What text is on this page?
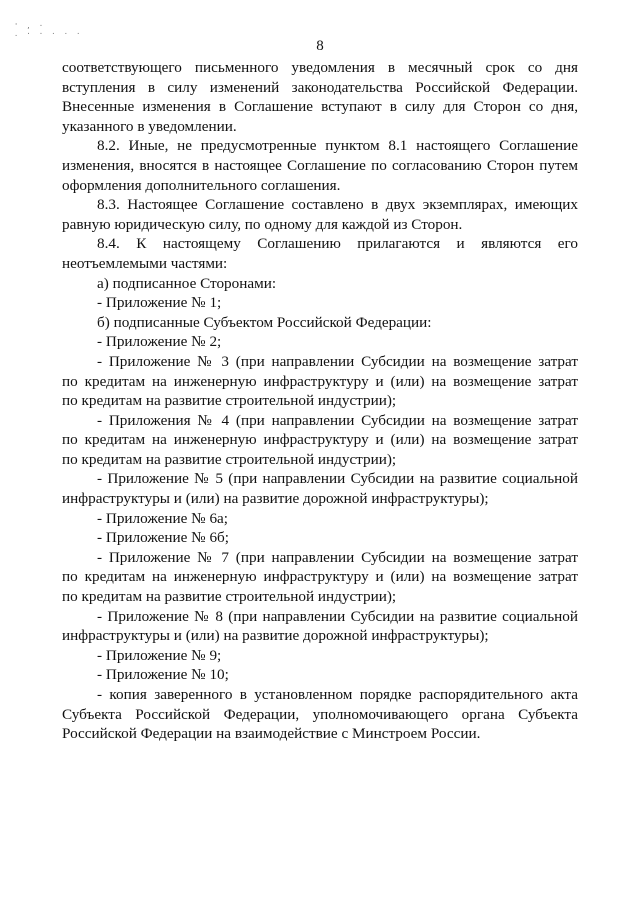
' , ·
. · · · · ·
8

соответствующего письменного уведомления в месячный срок со дня

вступления в силу изменений законодательства Российской Федерации.

Внесенные изменения в Соглашение вступают в силу для Сторон со дня,

указанного в уведомлении.

8.2. Иные, не предусмотренные пунктом 8.1 настоящего Соглашение

изменения, вносятся в настоящее Соглашение по согласованию Сторон путем

оформления дополнительного соглашения.

8.3. Настоящее Соглашение составлено в двух экземплярах, имеющих

равную юридическую силу, по одному для каждой из Сторон.

8.4. К настоящему Соглашению прилагаются и являются его

неотъемлемыми частями:

а) подписанное Сторонами:

- Приложение № 1;

б) подписанные Субъектом Российской Федерации:

- Приложение № 2;

- Приложение № 3 (при направлении Субсидии на возмещение затрат

по кредитам на инженерную инфраструктуру и (или) на возмещение затрат

по кредитам на развитие строительной индустрии);

- Приложения № 4 (при направлении Субсидии на возмещение затрат

по кредитам на инженерную инфраструктуру и (или) на возмещение затрат

по кредитам на развитие строительной индустрии);

- Приложение № 5 (при направлении Субсидии на развитие социальной

инфраструктуры и (или) на развитие дорожной инфраструктуры);

- Приложение № 6а;

- Приложение № 6б;

- Приложение № 7 (при направлении Субсидии на возмещение затрат

по кредитам на инженерную инфраструктуру и (или) на возмещение затрат

по кредитам на развитие строительной индустрии);

- Приложение № 8 (при направлении Субсидии на развитие социальной

инфраструктуры и (или) на развитие дорожной инфраструктуры);

- Приложение № 9;

- Приложение № 10;

- копия заверенного в установленном порядке распорядительного акта

Субъекта Российской Федерации, уполномочивающего органа Субъекта

Российской Федерации на взаимодействие с Минстроем России.
